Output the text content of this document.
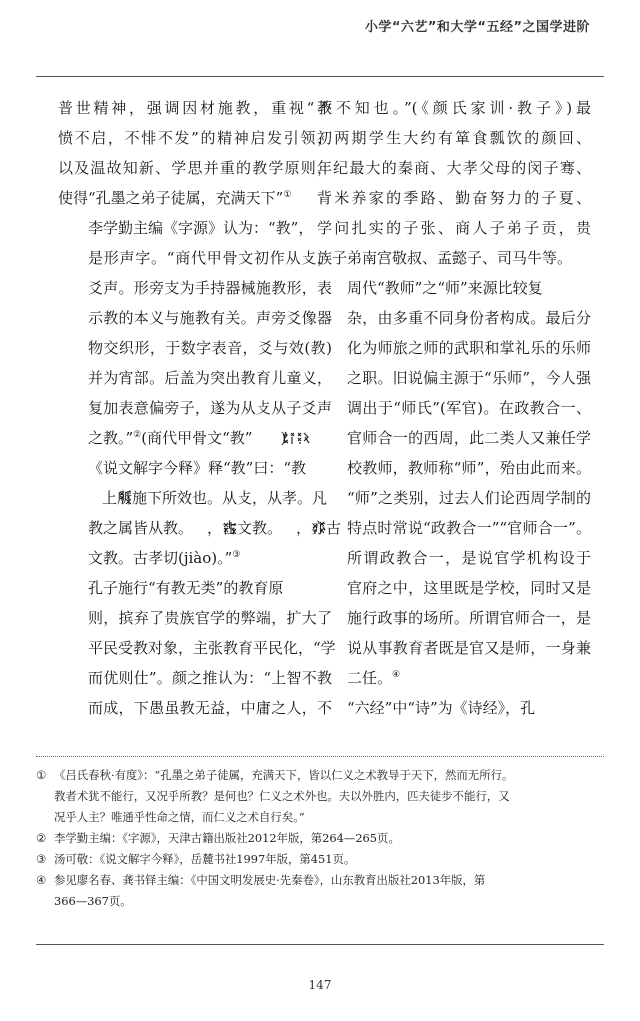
小学“六艺”和大学“五经”之国学进阶

普世精神，强调因材施教，重视“不
愤不启，不悱不发”的精神启发引领，
以及温故知新、学思并重的教学原则，
使得“孔墨之弟子徒属，充满天下”①

李学勤主编《字源》认为：“教”，
是形声字。“商代甲骨文初作从攴，
爻声。形旁支为手持器械施教形，表
示教的本义与施教有关。声旁爻像器
物交织形，于数字表音，爻与效(教)
并为宵部。后盖为突出教育儿童义，
复加表意偏旁子，遂为从攴从子爻声
之教。”②(商代甲骨文“教” )

《说文解字今释》释“教”曰：“教
上所施下所效也。从攴，从孝。凡
教之属皆从教。 ，古文教。 ，亦古
文教。古孝切(jiào)。”③

孔子施行“有教无类”的教育原
则，摈弃了贵族官学的弊端，扩大了
平民受教对象，主张教育平民化，“学
而优则仕”。颜之推认为：“上智不教
而成，下愚虽教无益，中庸之人，不

教不知也。”(《颜氏家训·教子》)最
初两期学生大约有箪食瓢饮的颜回、
年纪最大的秦商、大孝父母的闵子骞、
背米养家的季路、勤奋努力的子夏、
学问扎实的子张、商人子弟子贡，贵
族子弟南宫敬叔、孟懿子、司马牛等。

周代“教师”之“师”来源比较复
杂，由多重不同身份者构成。最后分
化为师旅之师的武职和掌礼乐的乐师
之职。旧说偏主源于“乐师”，今人强
调出于“师氏”(军官)。在政教合一、
官师合一的西周，此二类人又兼任学
校教师，教师称“师”，殆由此而来。
“师”之类别，过去人们论西周学制的
特点时常说“政教合一”“官师合一”。
所谓政教合一，是说官学机构设于
官府之中，这里既是学校，同时又是
施行政事的场所。所谓官师合一，是
说从事教育者既是官又是师，一身兼
二任。④

“六经”中“诗”为《诗经》，孔

① 《吕氏春秋·有度》：“孔墨之弟子徒属，充满天下，皆以仁义之术教导于天下，然而无所行。
教者术犹不能行，又况乎所教？是何也？仁义之术外也。夫以外胜内，匹夫徒步不能行，又
况乎人主？唯通乎性命之情，而仁义之术自行矣。”
② 李学勤主编：《字源》，天津古籍出版社2012年版，第264—265页。
③ 汤可敬：《说文解字今释》，岳麓书社1997年版，第451页。
④ 参见廖名春、龚书铎主编：《中国文明发展史·先秦卷》，山东教育出版社2013年版，第
366—367页。
147
